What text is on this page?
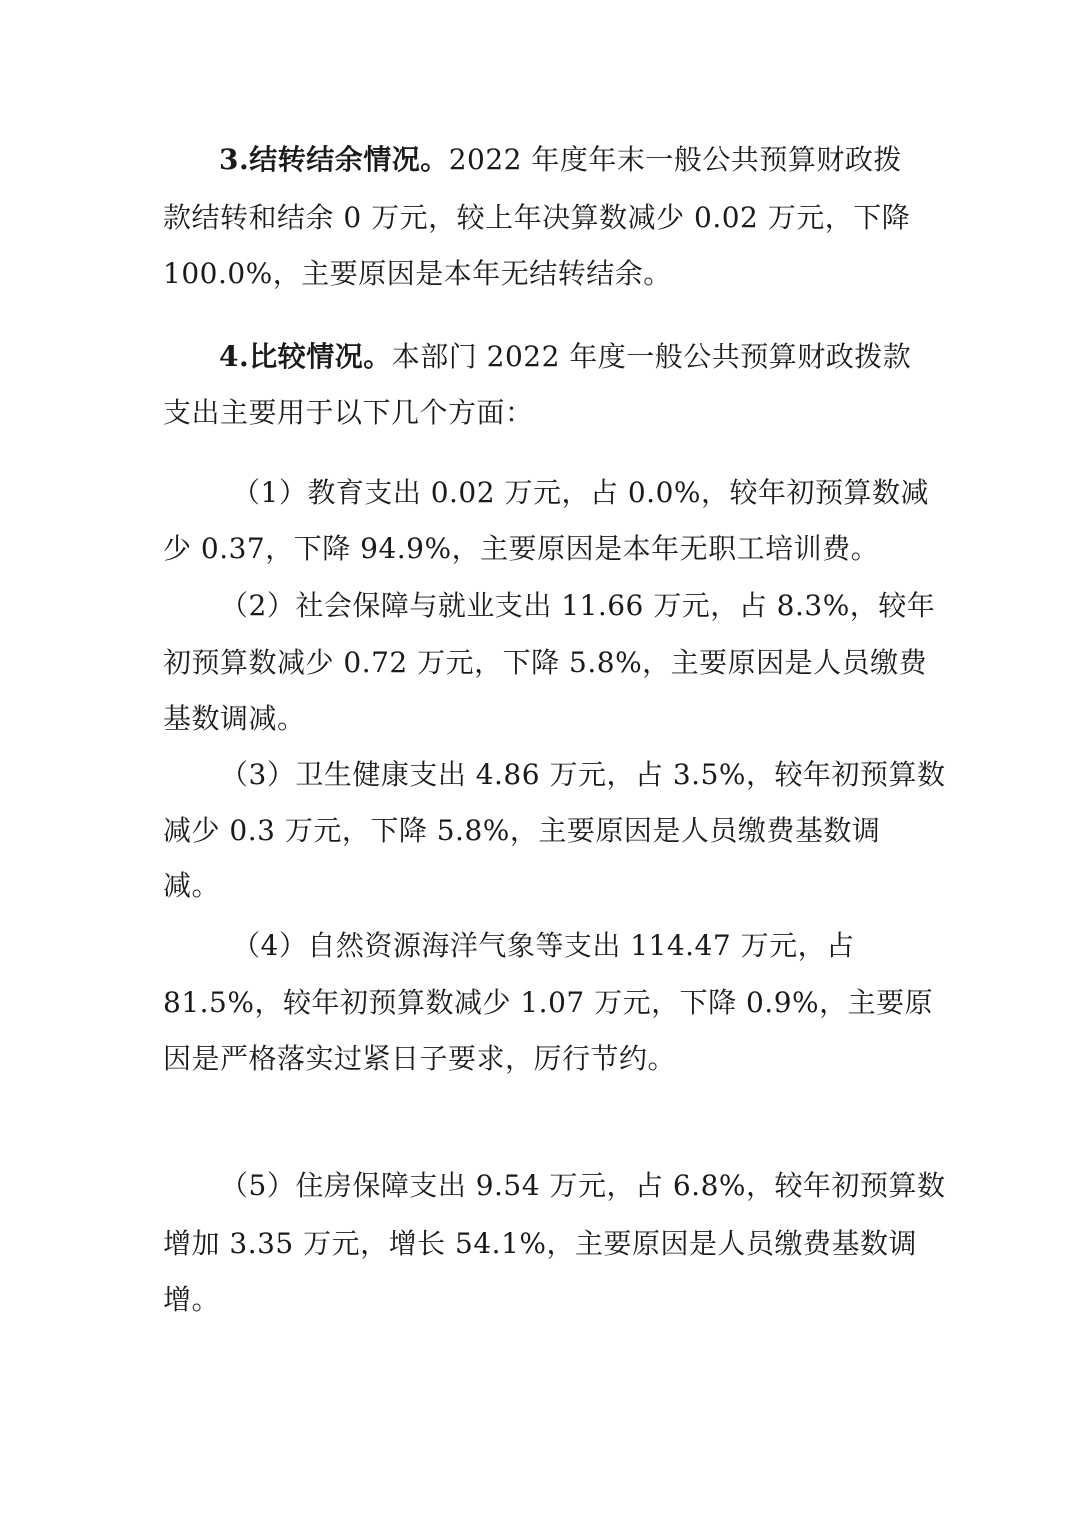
3.结转结余情况。2022 年度年末一般公共预算财政拨
款结转和结余 0 万元，较上年决算数减少 0.02 万元，下降
100.0%，主要原因是本年无结转结余。
4.比较情况。本部门 2022 年度一般公共预算财政拨款
支出主要用于以下几个方面：
（1）教育支出 0.02 万元，占 0.0%，较年初预算数减
少 0.37，下降 94.9%，主要原因是本年无职工培训费。
（2）社会保障与就业支出 11.66 万元，占 8.3%，较年
初预算数减少 0.72 万元，下降 5.8%，主要原因是人员缴费
基数调减。
（3）卫生健康支出 4.86 万元，占 3.5%，较年初预算数
减少 0.3 万元，下降 5.8%，主要原因是人员缴费基数调
减。
（4）自然资源海洋气象等支出 114.47 万元，占
81.5%，较年初预算数减少 1.07 万元，下降 0.9%，主要原
因是严格落实过紧日子要求，厉行节约。
（5）住房保障支出 9.54 万元，占 6.8%，较年初预算数
增加 3.35 万元，增长 54.1%，主要原因是人员缴费基数调
增。
